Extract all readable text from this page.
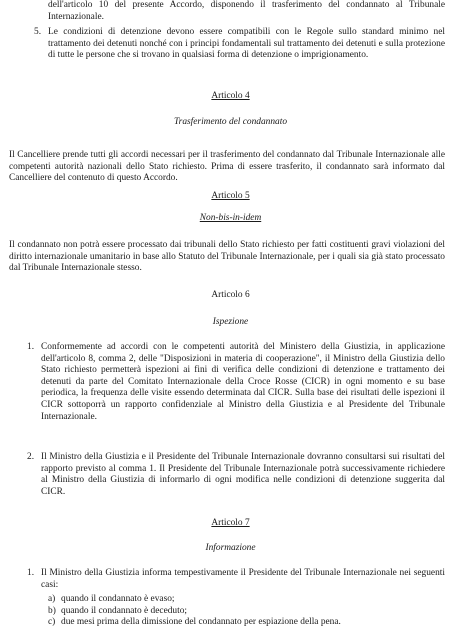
dell'articolo 10 del presente Accordo, disponendo il trasferimento del condannato al Tribunale Internazionale.

5. Le condizioni di detenzione devono essere compatibili con le Regole sullo standard minimo nel trattamento dei detenuti nonché con i principi fondamentali sul trattamento dei detenuti e sulla protezione di tutte le persone che si trovano in qualsiasi forma di detenzione o imprigionamento.

Articolo 4

Trasferimento del condannato

Il Cancelliere prende tutti gli accordi necessari per il trasferimento del condannato dal Tribunale Internazionale alle competenti autorità nazionali dello Stato richiesto. Prima di essere trasferito, il condannato sarà informato dal Cancelliere del contenuto di questo Accordo.

Articolo 5

Non-bis-in-idem

Il condannato non potrà essere processato dai tribunali dello Stato richiesto per fatti costituenti gravi violazioni del diritto internazionale umanitario in base allo Statuto del Tribunale Internazionale, per i quali sia già stato processato dal Tribunale Internazionale stesso.

Articolo 6

Ispezione

1. Conformemente ad accordi con le competenti autorità del Ministero della Giustizia, in applicazione dell'articolo 8, comma 2, delle "Disposizioni in materia di cooperazione", il Ministro della Giustizia dello Stato richiesto permetterà ispezioni ai fini di verifica delle condizioni di detenzione e trattamento dei detenuti da parte del Comitato Internazionale della Croce Rosse (CICR) in ogni momento e su base periodica, la frequenza delle visite essendo determinata dal CICR. Sulla base dei risultati delle ispezioni il CICR sottoporrà un rapporto confidenziale al Ministro della Giustizia e al Presidente del Tribunale Internazionale.
2. Il Ministro della Giustizia e il Presidente del Tribunale Internazionale dovranno consultarsi sui risultati del rapporto previsto al comma 1. Il Presidente del Tribunale Internazionale potrà successivamente richiedere al Ministro della Giustizia di informarlo di ogni modifica nelle condizioni di detenzione suggerita dal CICR.

Articolo 7

Informazione

1. Il Ministro della Giustizia informa tempestivamente il Presidente del Tribunale Internazionale nei seguenti casi:
a) quando il condannato è evaso;
b) quando il condannato è deceduto;
c) due mesi prima della dimissione del condannato per espiazione della pena.
